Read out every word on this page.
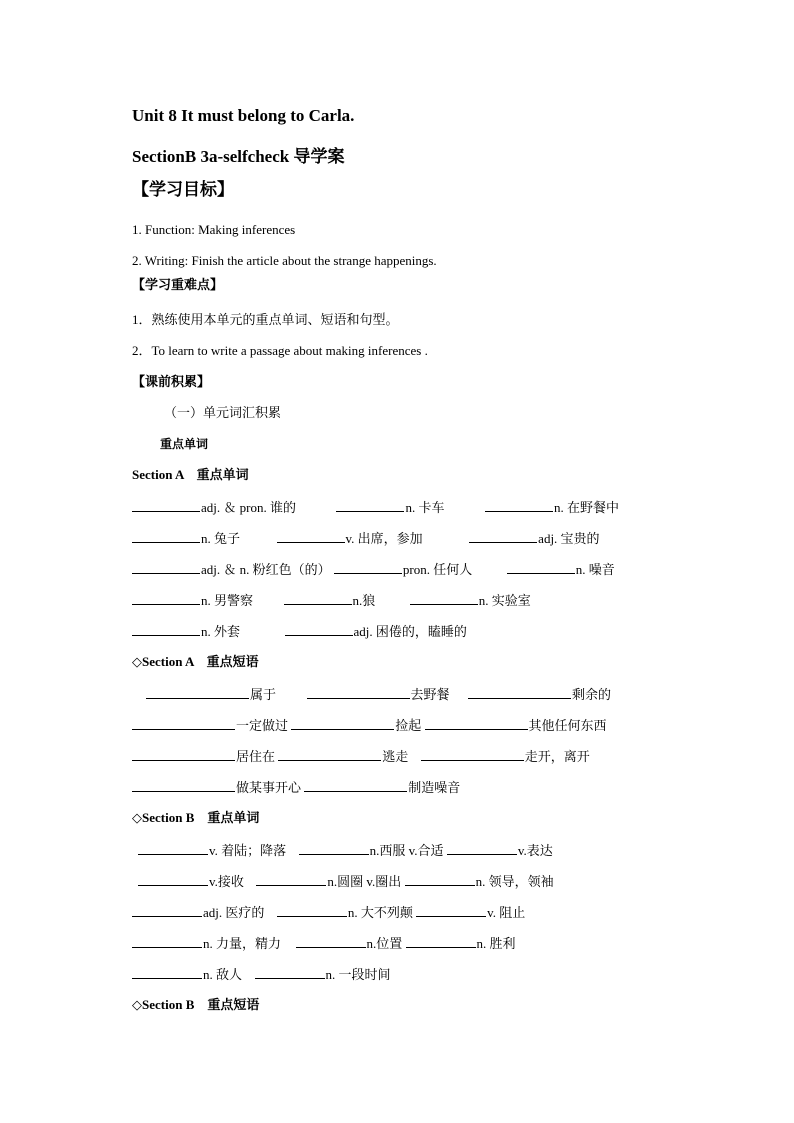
Unit 8 It must belong to Carla.
SectionB 3a-selfcheck 导学案
【学习目标】
1. Function: Making inferences
2. Writing: Finish the article about the strange happenings.
【学习重难点】
1．熟练使用本单元的重点单词、短语和句型。
2．To learn to write a passage about making inferences .
【课前积累】
（一）单元词汇积累
重点单词
Section A　重点单词
adj. ＆ pron. 谁的	n. 卡车	n. 在野餐中
n. 兔子	v. 出席，参加	adj. 宝贵的
adj. ＆ n. 粉红色（的）	pron. 任何人	n. 噪音
n. 男警察	n.狼	n. 实验室
n. 外套	adj. 困倦的，瞌睡的
◇Section A　重点短语
属于	去野餐	剩余的
一定做过	捡起	其他任何东西
居住在	逃走	走开，离开
做某事开心	制造噪音
◇Section B　重点单词
v. 着陆；降落	n.西服 v.合适	v.表达
v.接收	n.圆圈 v.圈出	n. 领导，领袖
adj. 医疗的	n. 大不列颠	v. 阻止
n. 力量，精力	n.位置	n. 胜利
n. 敌人	n. 一段时间
◇Section B　重点短语
